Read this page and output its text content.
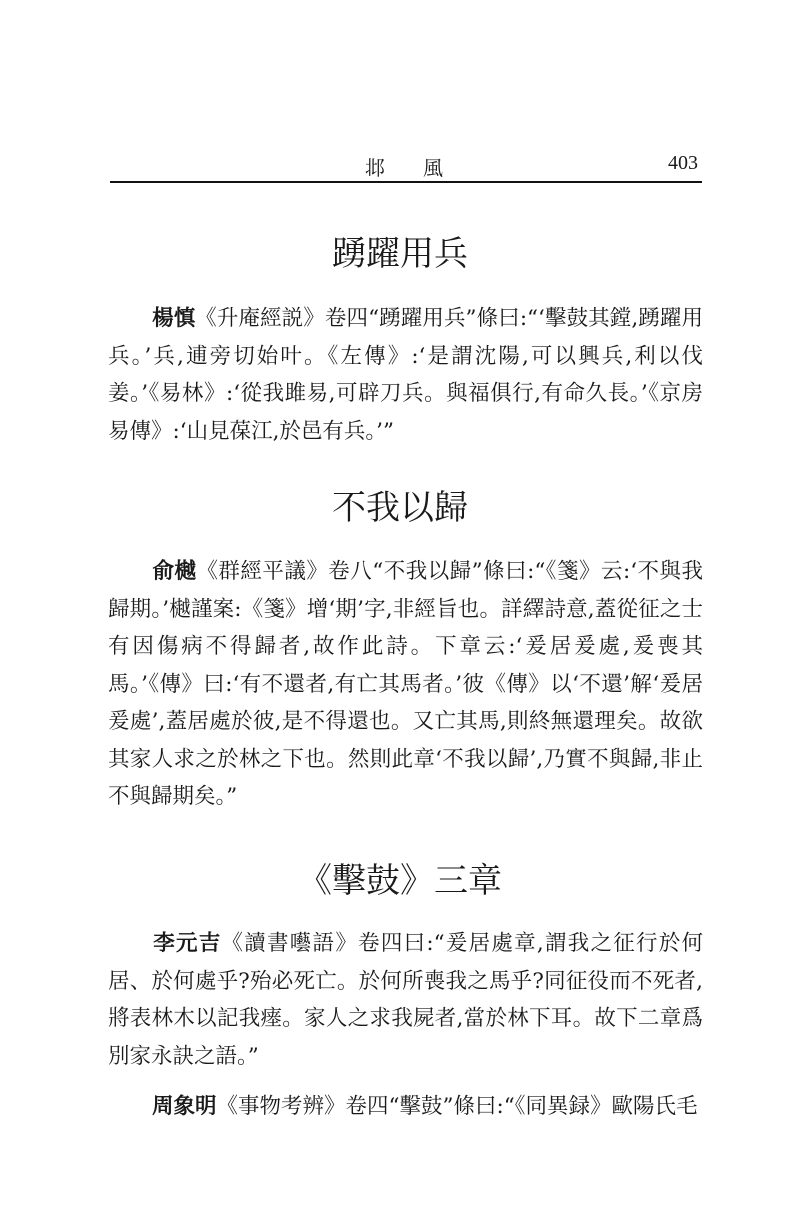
邶風	403
踴躍用兵

楊慎《升庵經説》卷四“踴躍用兵”條曰:“‘擊鼓其鏜,踴躍用兵。’兵,逋旁切始叶。《左傳》:‘是謂沈陽,可以興兵,利以伐姜。’《易林》:‘從我雎易,可辟刀兵。與福俱行,有命久長。’《京房易傳》:‘山見葆江,於邑有兵。’”

不我以歸

俞樾《群經平議》卷八“不我以歸”條曰:“《箋》云:‘不與我歸期。’樾謹案:《箋》增‘期’字,非經旨也。詳繹詩意,蓋從征之士有因傷病不得歸者,故作此詩。下章云:‘爰居爰處,爰喪其馬。’《傳》曰:‘有不還者,有亡其馬者。’彼《傳》以‘不還’解‘爰居爰處’,蓋居處於彼,是不得還也。又亡其馬,則終無還理矣。故欲其家人求之於林之下也。然則此章‘不我以歸’,乃實不與歸,非止不與歸期矣。”

《擊鼓》三章

李元吉《讀書囈語》卷四曰:“爰居處章,謂我之征行於何居、於何處乎?殆必死亡。於何所喪我之馬乎?同征役而不死者,將表林木以記我瘗。家人之求我屍者,當於林下耳。故下二章爲別家永訣之語。”

周象明《事物考辨》卷四“擊鼓”條曰:“《同異録》歐陽氏毛
